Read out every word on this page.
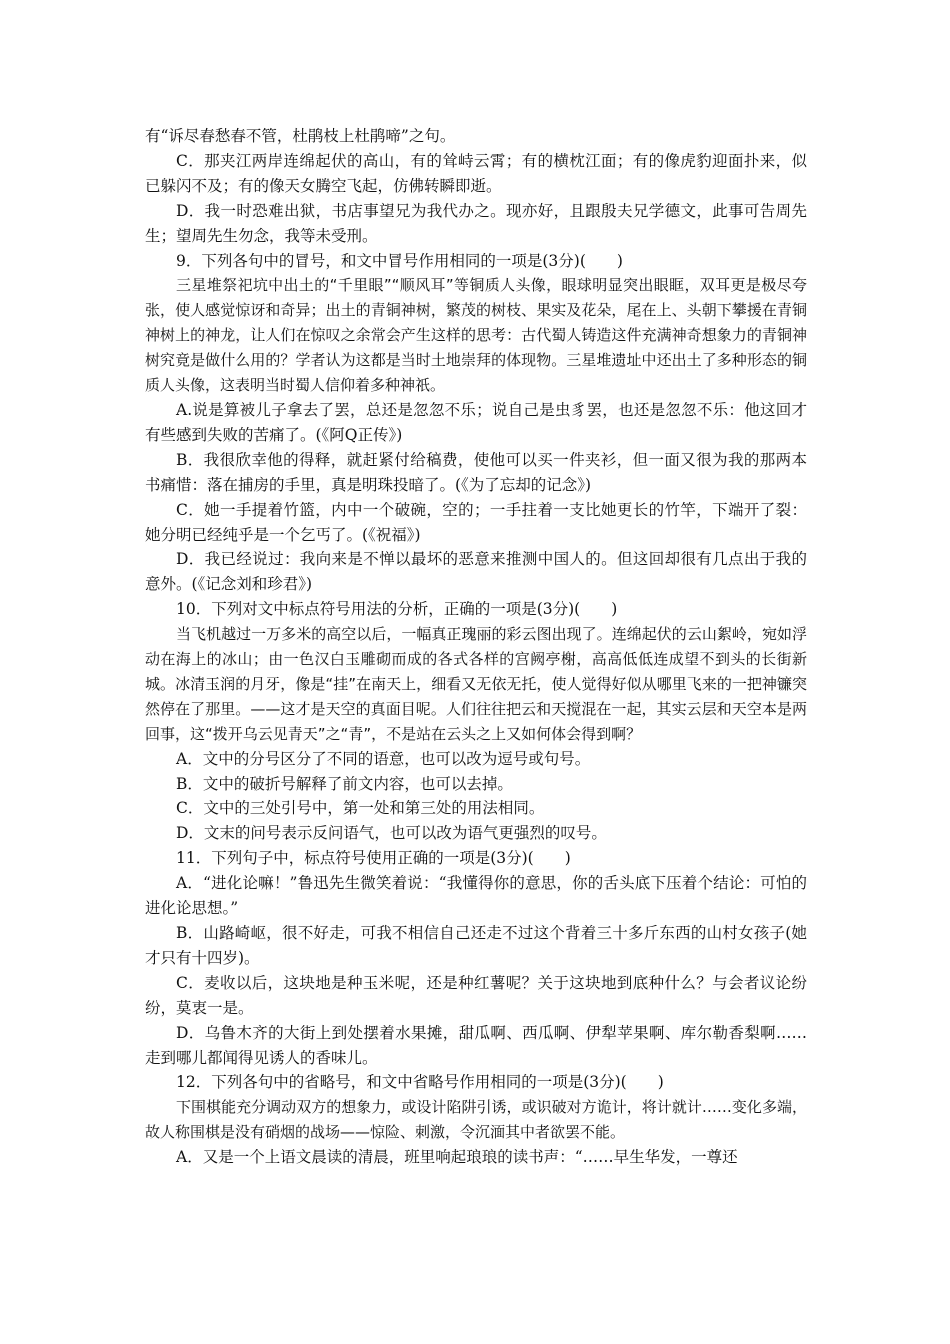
有“诉尽春愁春不管，杜鹃枝上杜鹃啼”之句。

C．那夹江两岸连绵起伏的高山，有的耸峙云霄；有的横枕江面；有的像虎豹迎面扑来，似已躲闪不及；有的像天女腾空飞起，仿佛转瞬即逝。

D．我一时恐难出狱，书店事望兄为我代办之。现亦好，且跟殷夫兄学德文，此事可告周先生；望周先生勿念，我等未受刑。

9．下列各句中的冒号，和文中冒号作用相同的一项是(3分)(　　)

三星堆祭祀坑中出土的“千里眼”“顺风耳”等铜质人头像，眼球明显突出眼眶，双耳更是极尽夸张，使人感觉惊讶和奇异；出土的青铜神树，繁茂的树枝、果实及花朵，尾在上、头朝下攀援在青铜神树上的神龙，让人们在惊叹之余常会产生这样的思考：古代蜀人铸造这件充满神奇想象力的青铜神树究竟是做什么用的？学者认为这都是当时土地崇拜的体现物。三星堆遗址中还出土了多种形态的铜质人头像，这表明当时蜀人信仰着多种神祇。

A.说是算被儿子拿去了罢，总还是忽忽不乐；说自己是虫豸罢，也还是忽忽不乐：他这回才有些感到失败的苦痛了。(《阿Q正传》)

B．我很欣幸他的得释，就赶紧付给稿费，使他可以买一件夹衫，但一面又很为我的那两本书痛惜：落在捕房的手里，真是明珠投暗了。(《为了忘却的记念》)

C．她一手提着竹篮，内中一个破碗，空的；一手拄着一支比她更长的竹竿，下端开了裂：她分明已经纯乎是一个乞丐了。(《祝福》)

D．我已经说过：我向来是不惮以最坏的恶意来推测中国人的。但这回却很有几点出于我的意外。(《记念刘和珍君》)

10．下列对文中标点符号用法的分析，正确的一项是(3分)(　　)

当飞机越过一万多米的高空以后，一幅真正瑰丽的彩云图出现了。连绵起伏的云山絮岭，宛如浮动在海上的冰山；由一色汉白玉雕砌而成的各式各样的宫阙亭榭，高高低低连成望不到头的长街新城。冰清玉润的月牙，像是“挂”在南天上，细看又无依无托，使人觉得好似从哪里飞来的一把神镰突然停在了那里。——这才是天空的真面目呢。人们往往把云和天搅混在一起，其实云层和天空本是两回事，这“拨开乌云见青天”之“青”，不是站在云头之上又如何体会得到啊？

A．文中的分号区分了不同的语意，也可以改为逗号或句号。

B．文中的破折号解释了前文内容，也可以去掉。

C．文中的三处引号中，第一处和第三处的用法相同。

D．文末的问号表示反问语气，也可以改为语气更强烈的叹号。

11．下列句子中，标点符号使用正确的一项是(3分)(　　)

A．“进化论嘛！”鲁迅先生微笑着说：“我懂得你的意思，你的舌头底下压着个结论：可怕的进化论思想。”

B．山路崎岖，很不好走，可我不相信自己还走不过这个背着三十多斤东西的山村女孩子(她才只有十四岁)。

C．麦收以后，这块地是种玉米呢，还是种红薯呢？关于这块地到底种什么？与会者议论纷纷，莫衷一是。

D．乌鲁木齐的大街上到处摆着水果摊，甜瓜啊、西瓜啊、伊犁苹果啊、库尔勒香梨啊……走到哪儿都闻得见诱人的香味儿。

12．下列各句中的省略号，和文中省略号作用相同的一项是(3分)(　　)

下围棋能充分调动双方的想象力，或设计陷阱引诱，或识破对方诡计，将计就计……变化多端，故人称围棋是没有硝烟的战场——惊险、刺激，令沉湎其中者欲罢不能。

A．又是一个上语文晨读的清晨，班里响起琅琅的读书声：“……早生华发，一尊还
